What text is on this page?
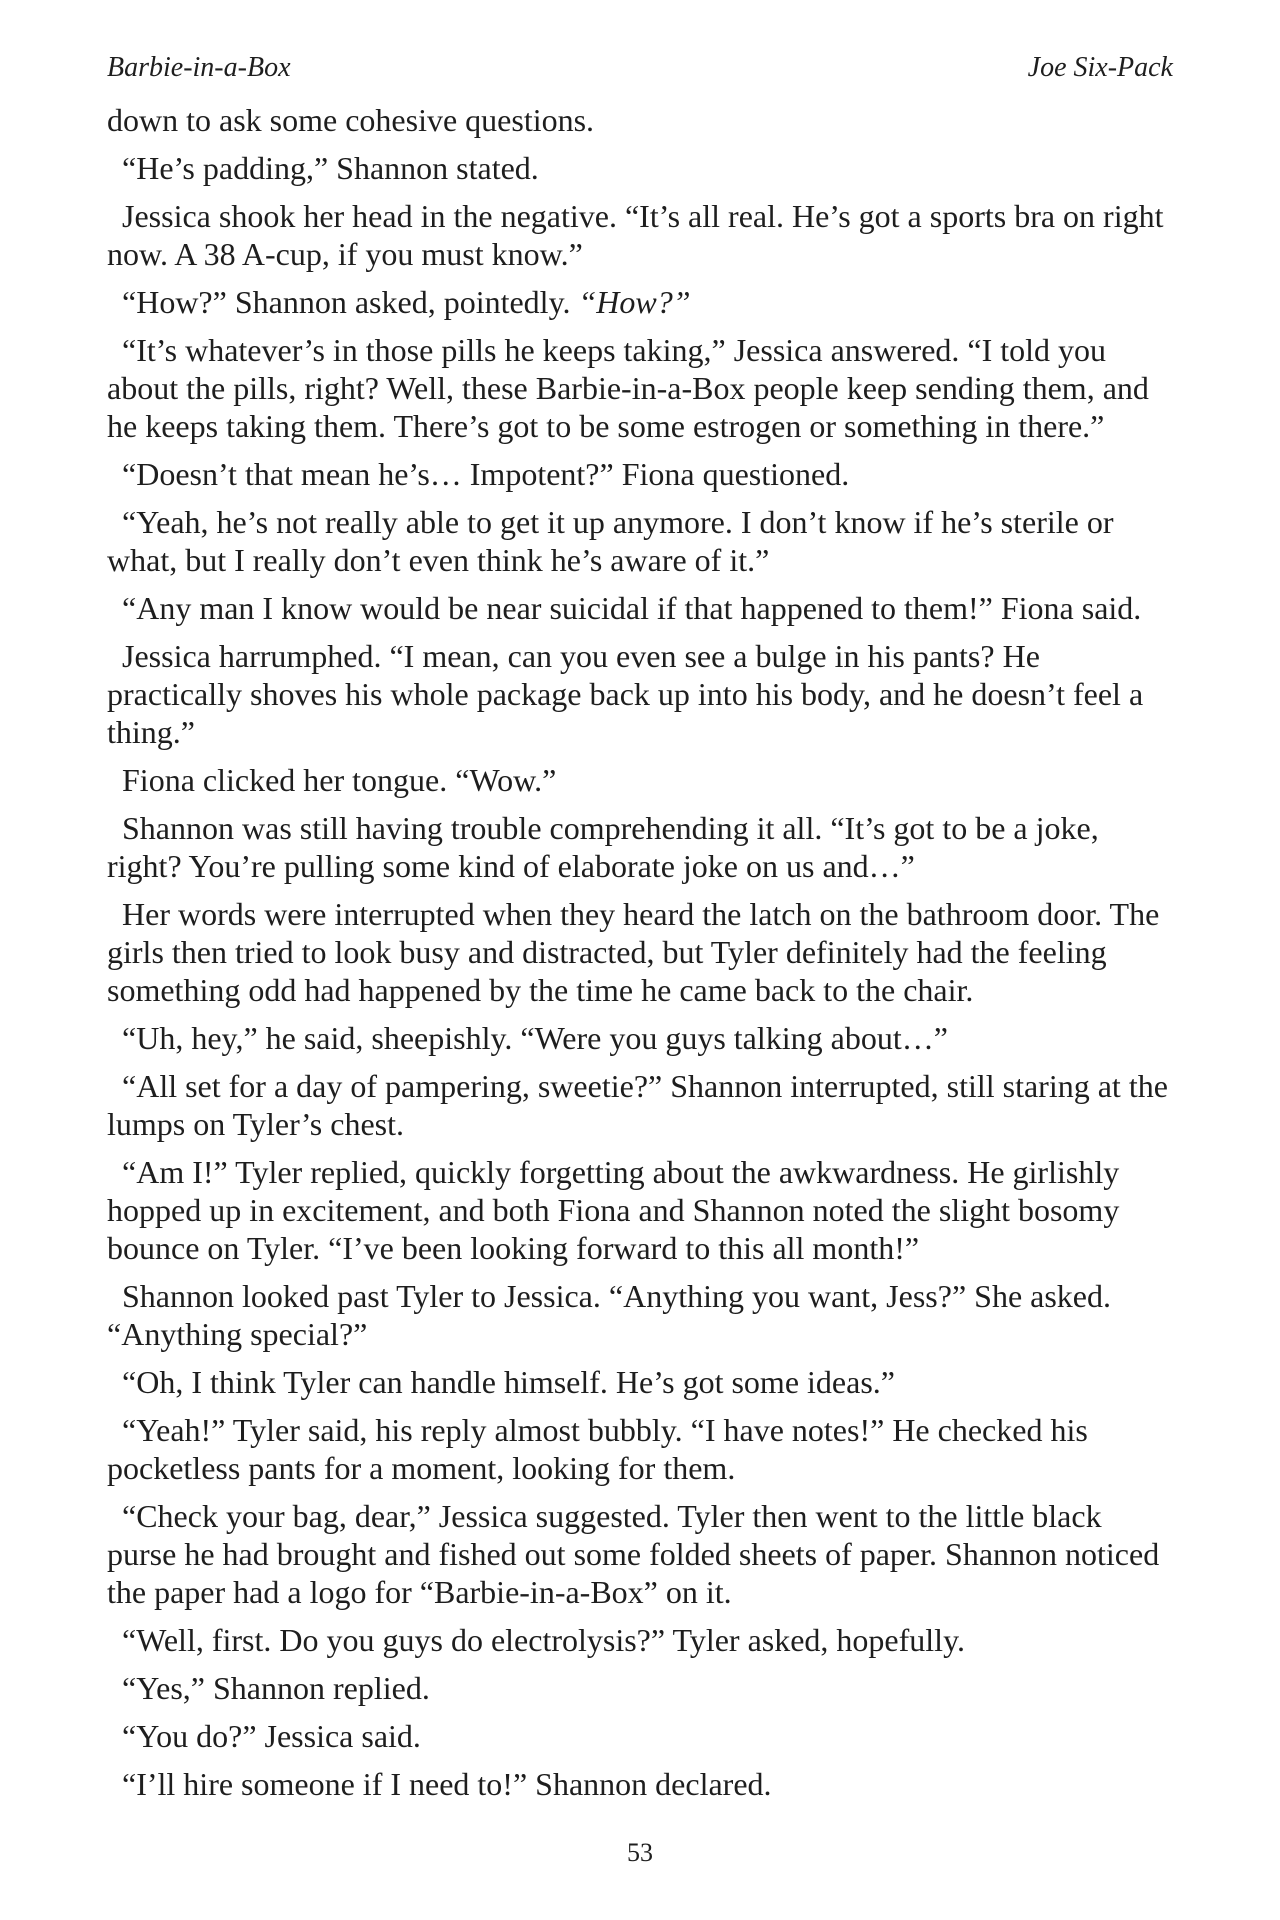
Barbie-in-a-Box	Joe Six-Pack

down to ask some cohesive questions.

“He’s padding,” Shannon stated.

Jessica shook her head in the negative. “It’s all real. He’s got a sports bra on right now. A 38 A-cup, if you must know.”

“How?” Shannon asked, pointedly. “How?”

“It’s whatever’s in those pills he keeps taking,” Jessica answered. “I told you about the pills, right? Well, these Barbie-in-a-Box people keep sending them, and he keeps taking them. There’s got to be some estrogen or something in there.”

“Doesn’t that mean he’s… Impotent?” Fiona questioned.

“Yeah, he’s not really able to get it up anymore. I don’t know if he’s sterile or what, but I really don’t even think he’s aware of it.”

“Any man I know would be near suicidal if that happened to them!” Fiona said.

Jessica harrumphed. “I mean, can you even see a bulge in his pants? He practically shoves his whole package back up into his body, and he doesn’t feel a thing.”

Fiona clicked her tongue. “Wow.”

Shannon was still having trouble comprehending it all. “It’s got to be a joke, right? You’re pulling some kind of elaborate joke on us and…”

Her words were interrupted when they heard the latch on the bathroom door. The girls then tried to look busy and distracted, but Tyler definitely had the feeling something odd had happened by the time he came back to the chair.

“Uh, hey,” he said, sheepishly. “Were you guys talking about…”

“All set for a day of pampering, sweetie?” Shannon interrupted, still staring at the lumps on Tyler’s chest.

“Am I!” Tyler replied, quickly forgetting about the awkwardness. He girlishly hopped up in excitement, and both Fiona and Shannon noted the slight bosomy bounce on Tyler. “I’ve been looking forward to this all month!”

Shannon looked past Tyler to Jessica. “Anything you want, Jess?” She asked. “Anything special?”

“Oh, I think Tyler can handle himself. He’s got some ideas.”

“Yeah!” Tyler said, his reply almost bubbly. “I have notes!” He checked his pocketless pants for a moment, looking for them.

“Check your bag, dear,” Jessica suggested. Tyler then went to the little black purse he had brought and fished out some folded sheets of paper. Shannon noticed the paper had a logo for “Barbie-in-a-Box” on it.

“Well, first. Do you guys do electrolysis?” Tyler asked, hopefully.

“Yes,” Shannon replied.

“You do?” Jessica said.

“I’ll hire someone if I need to!” Shannon declared.

53
